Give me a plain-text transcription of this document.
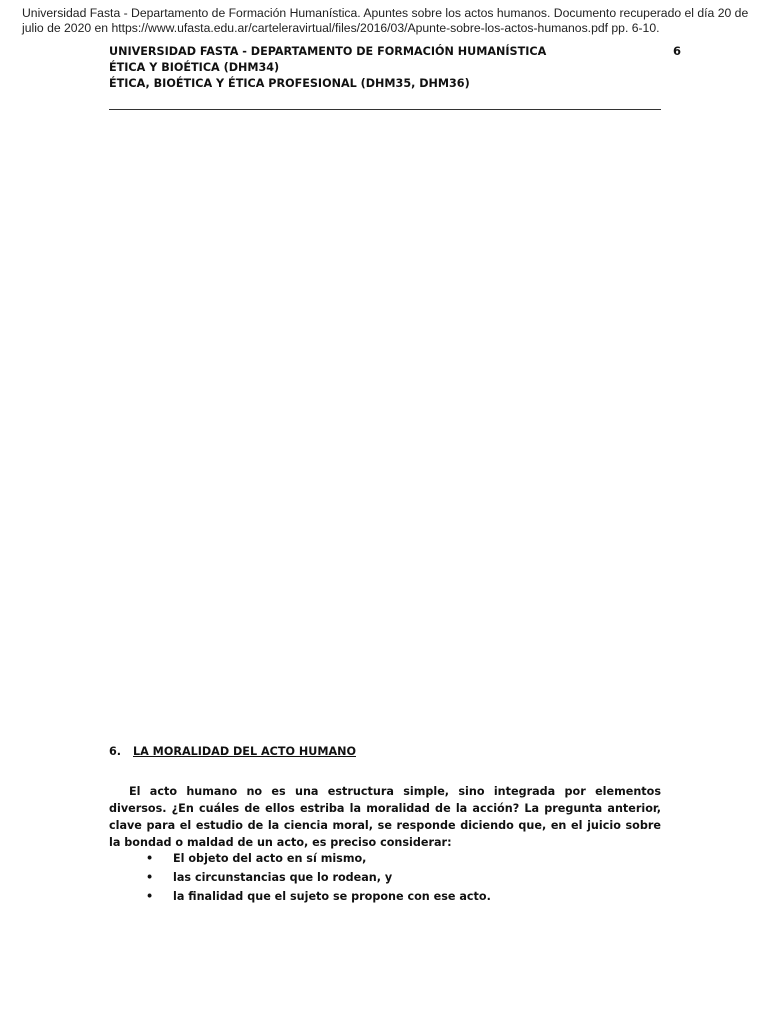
Universidad Fasta - Departamento de Formación Humanística. Apuntes sobre los actos humanos. Documento recuperado el día 20 de julio de 2020 en https://www.ufasta.edu.ar/carteleravirtual/files/2016/03/Apunte-sobre-los-actos-humanos.pdf pp. 6-10.
UNIVERSIDAD FASTA - DEPARTAMENTO DE FORMACIÓN HUMANÍSTICA
ÉTICA Y BIOÉTICA (DHM34)
ÉTICA, BIOÉTICA Y ÉTICA PROFESIONAL (DHM35, DHM36)
6
6. LA MORALIDAD DEL ACTO HUMANO

El acto humano no es una estructura simple, sino integrada por elementos diversos. ¿En cuáles de ellos estriba la moralidad de la acción? La pregunta anterior, clave para el estudio de la ciencia moral, se responde diciendo que, en el juicio sobre la bondad o maldad de un acto, es preciso considerar:

• El objeto del acto en sí mismo,
• las circunstancias que lo rodean, y
• la finalidad que el sujeto se propone con ese acto.
